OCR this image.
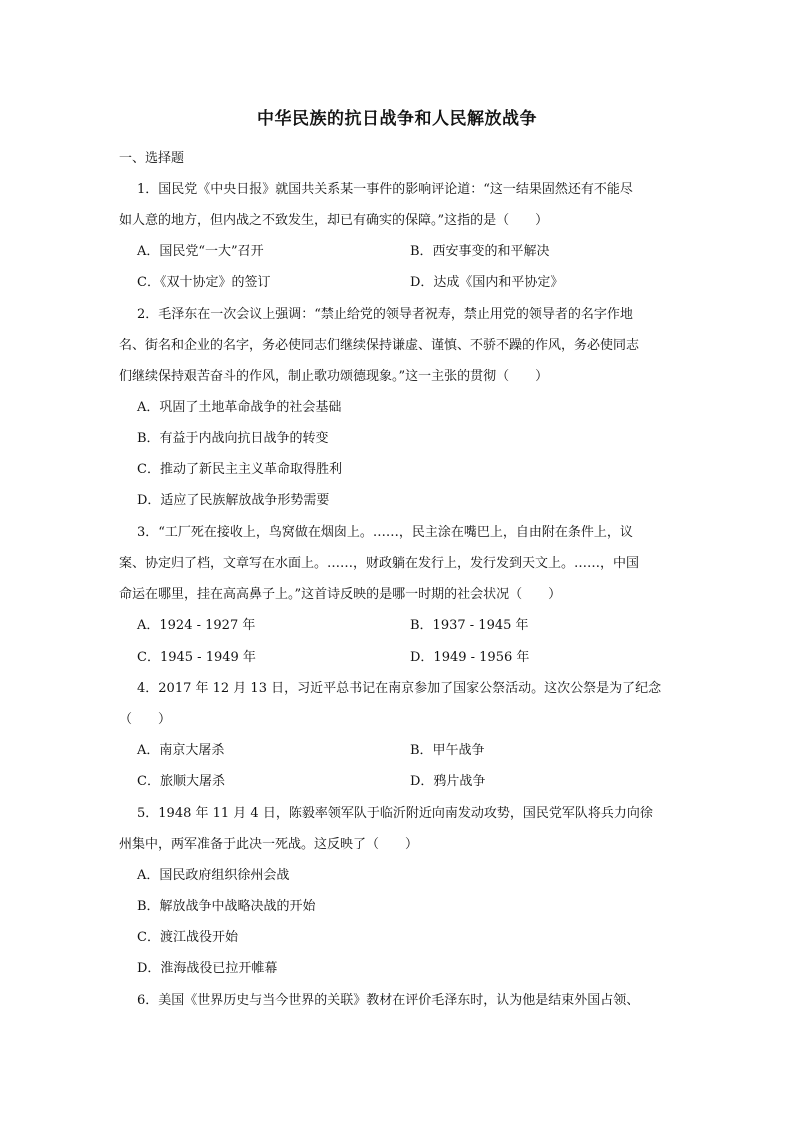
中华民族的抗日战争和人民解放战争
一、选择题
1．国民党《中央日报》就国共关系某一事件的影响评论道：“这一结果固然还有不能尽
如人意的地方，但内战之不致发生，却已有确实的保障。”这指的是（　　）
A．国民党“一大”召开	B．西安事变的和平解决
C．《双十协定》的签订	D．达成《国内和平协定》
2．毛泽东在一次会议上强调：“禁止给党的领导者祝寿，禁止用党的领导者的名字作地
名、街名和企业的名字，务必使同志们继续保持谦虚、谨慎、不骄不躁的作风，务必使同志
们继续保持艰苦奋斗的作风，制止歌功颂德现象。”这一主张的贯彻（　　）
A．巩固了土地革命战争的社会基础
B．有益于内战向抗日战争的转变
C．推动了新民主主义革命取得胜利
D．适应了民族解放战争形势需要
3．“工厂死在接收上，鸟窝做在烟囱上。……，民主涂在嘴巴上，自由附在条件上，议
案、协定归了档，文章写在水面上。……，财政躺在发行上，发行发到天文上。……，中国
命运在哪里，挂在高高鼻子上。”这首诗反映的是哪一时期的社会状况（　　）
A．1924 - 1927 年	B．1937 - 1945 年
C．1945 - 1949 年	D．1949 - 1956 年
4．2017 年 12 月 13 日，习近平总书记在南京参加了国家公祭活动。这次公祭是为了纪念
（　　）
A．南京大屠杀	B．甲午战争
C．旅顺大屠杀	D．鸦片战争
5．1948 年 11 月 4 日，陈毅率领军队于临沂附近向南发动攻势，国民党军队将兵力向徐
州集中，两军准备于此决一死战。这反映了（　　）
A．国民政府组织徐州会战
B．解放战争中战略决战的开始
C．渡江战役开始
D．淮海战役已拉开帷幕
6．美国《世界历史与当今世界的关联》教材在评价毛泽东时，认为他是结束外国占领、
